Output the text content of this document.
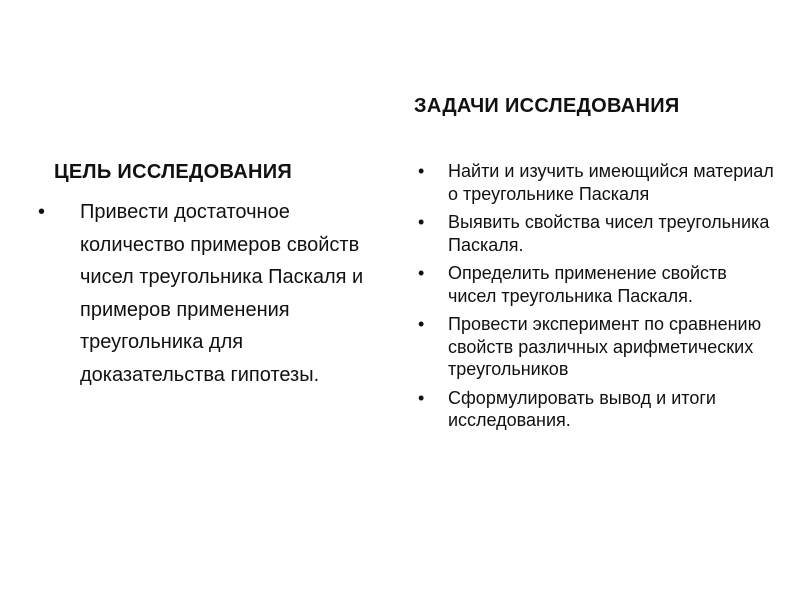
ЦЕЛЬ ИССЛЕДОВАНИЯ
• Привести достаточное количество примеров свойств чисел треугольника Паскаля и примеров применения треугольника для доказательства гипотезы.
ЗАДАЧИ ИССЛЕДОВАНИЯ
• Найти и изучить имеющийся материал о треугольнике Паскаля
• Выявить свойства чисел треугольника Паскаля.
• Определить применение свойств чисел треугольника Паскаля.
• Провести эксперимент по сравнению свойств различных арифметических треугольников
• Сформулировать вывод и итоги исследования.
